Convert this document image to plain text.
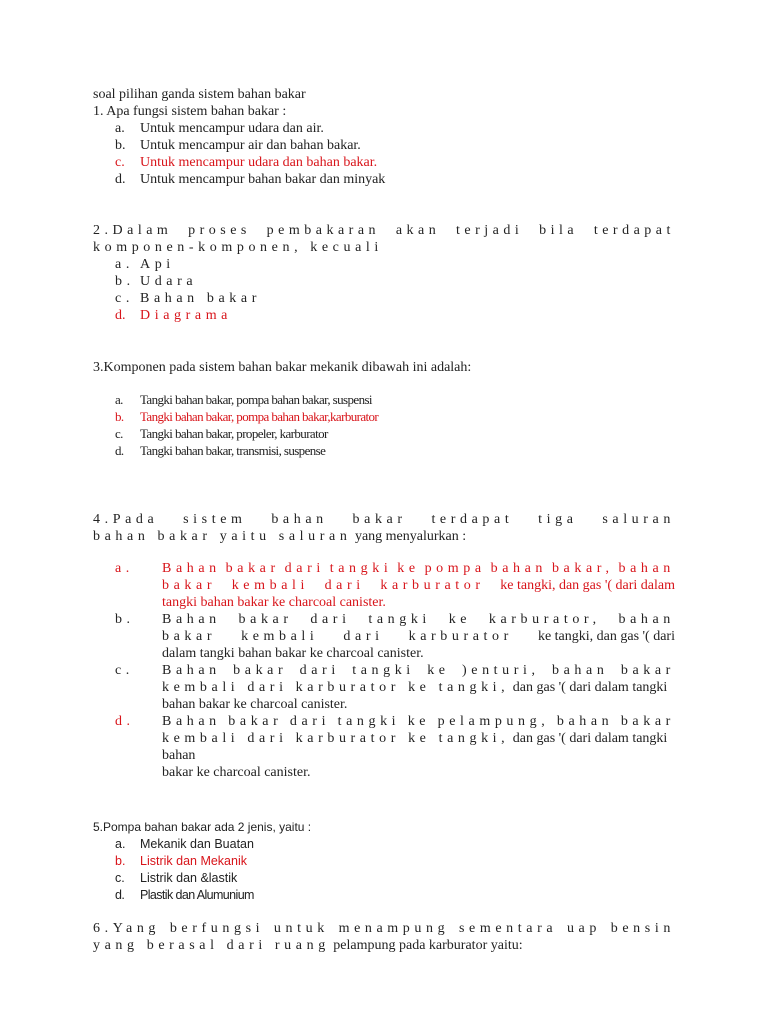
soal pilihan ganda sistem bahan bakar
1. Apa fungsi sistem bahan bakar :
a.	Untuk mencampur udara dan air.
b.	Untuk mencampur air dan bahan bakar.
c.	Untuk mencampur udara dan bahan bakar.
d.	Untuk mencampur bahan bakar dan minyak
2.Dalam proses pembakaran akan terjadi bila terdapat
komponen-komponen, kecuali
a. Api
b. Udara
c. Bahan bakar
d.	Diagrama
3.Komponen pada sistem bahan bakar mekanik dibawah ini adalah:
a.	Tangki bahan bakar, pompa bahan bakar, suspensi
b.	Tangki bahan bakar, pompa bahan bakar,karburator
c.	Tangki bahan bakar, propeler, karburator
d.	Tangki bahan bakar, transmisi, suspense
4.Pada sistem bahan bakar terdapat tiga saluran
bahan bakar yaitu saluran yang menyalurkan :
a.	Bahan bakar dari tangki ke pompa bahan bakar, bahan
bakar kembali dari karburator ke tangki, dan gas '( dari dalam
tangki bahan bakar ke charcoal canister.
b.	Bahan bakar dari tangki ke karburator, bahan
bakar kembali dari karburator ke tangki, dan gas '( dari
dalam tangki bahan bakar ke charcoal canister.
c.	Bahan bakar dari tangki ke )enturi, bahan bakar
kembali dari karburator ke tangki, dan gas '( dari dalam tangki
bahan bakar ke charcoal canister.
d.	Bahan bakar dari tangki ke pelampung, bahan bakar
kembali dari karburator ke tangki, dan gas '( dari dalam tangki bahan
bakar ke charcoal canister.
5.Pompa bahan bakar ada 2 jenis, yaitu :
a.	Mekanik dan Buatan
b.	Listrik dan Mekanik
c.	Listrik dan &lastik
d.	Plastik dan Alumunium
6.Yang berfungsi untuk menampung sementara uap bensin
yang berasal dari ruang pelampung pada karburator yaitu:
